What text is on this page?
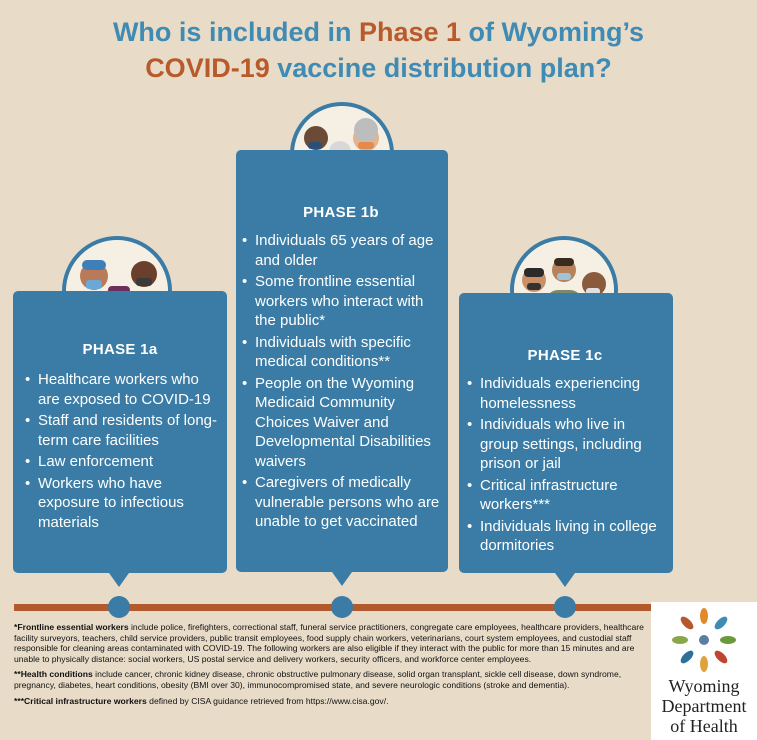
Who is included in Phase 1 of Wyoming’s
COVID-19 vaccine distribution plan?
PHASE 1a
• Healthcare workers who are exposed to COVID-19
• Staff and residents of long-term care facilities
• Law enforcement
• Workers who have exposure to infectious materials
PHASE 1b
• Individuals 65 years of age and older
• Some frontline essential workers who interact with the public*
• Individuals with specific medical conditions**
• People on the Wyoming Medicaid Community Choices Waiver and Developmental Disabilities waivers
• Caregivers of medically vulnerable persons who are unable to get vaccinated
PHASE 1c
• Individuals experiencing homelessness
• Individuals who live in group settings, including prison or jail
• Critical infrastructure workers***
• Individuals living in college dormitories

*Frontline essential workers include police, firefighters, correctional staff, funeral service practitioners, congregate care employees, healthcare providers, healthcare facility surveyors, teachers, child service providers, public transit employees, food supply chain workers, veterinarians, court system employees, and custodial staff responsible for cleaning areas contaminated with COVID-19. The following workers are also eligible if they interact with the public for more than 15 minutes and are unable to physically distance: social workers, US postal service and delivery workers, security officers, and workforce center employees.

**Health conditions include cancer, chronic kidney disease, chronic obstructive pulmonary disease, solid organ transplant, sickle cell disease, down syndrome, pregnancy, diabetes, heart conditions, obesity (BMI over 30), immunocompromised state, and severe neurologic conditions (stroke and dementia).

***Critical infrastructure workers defined by CISA guidance retrieved from https://www.cisa.gov/.

Wyoming
Department
of Health
